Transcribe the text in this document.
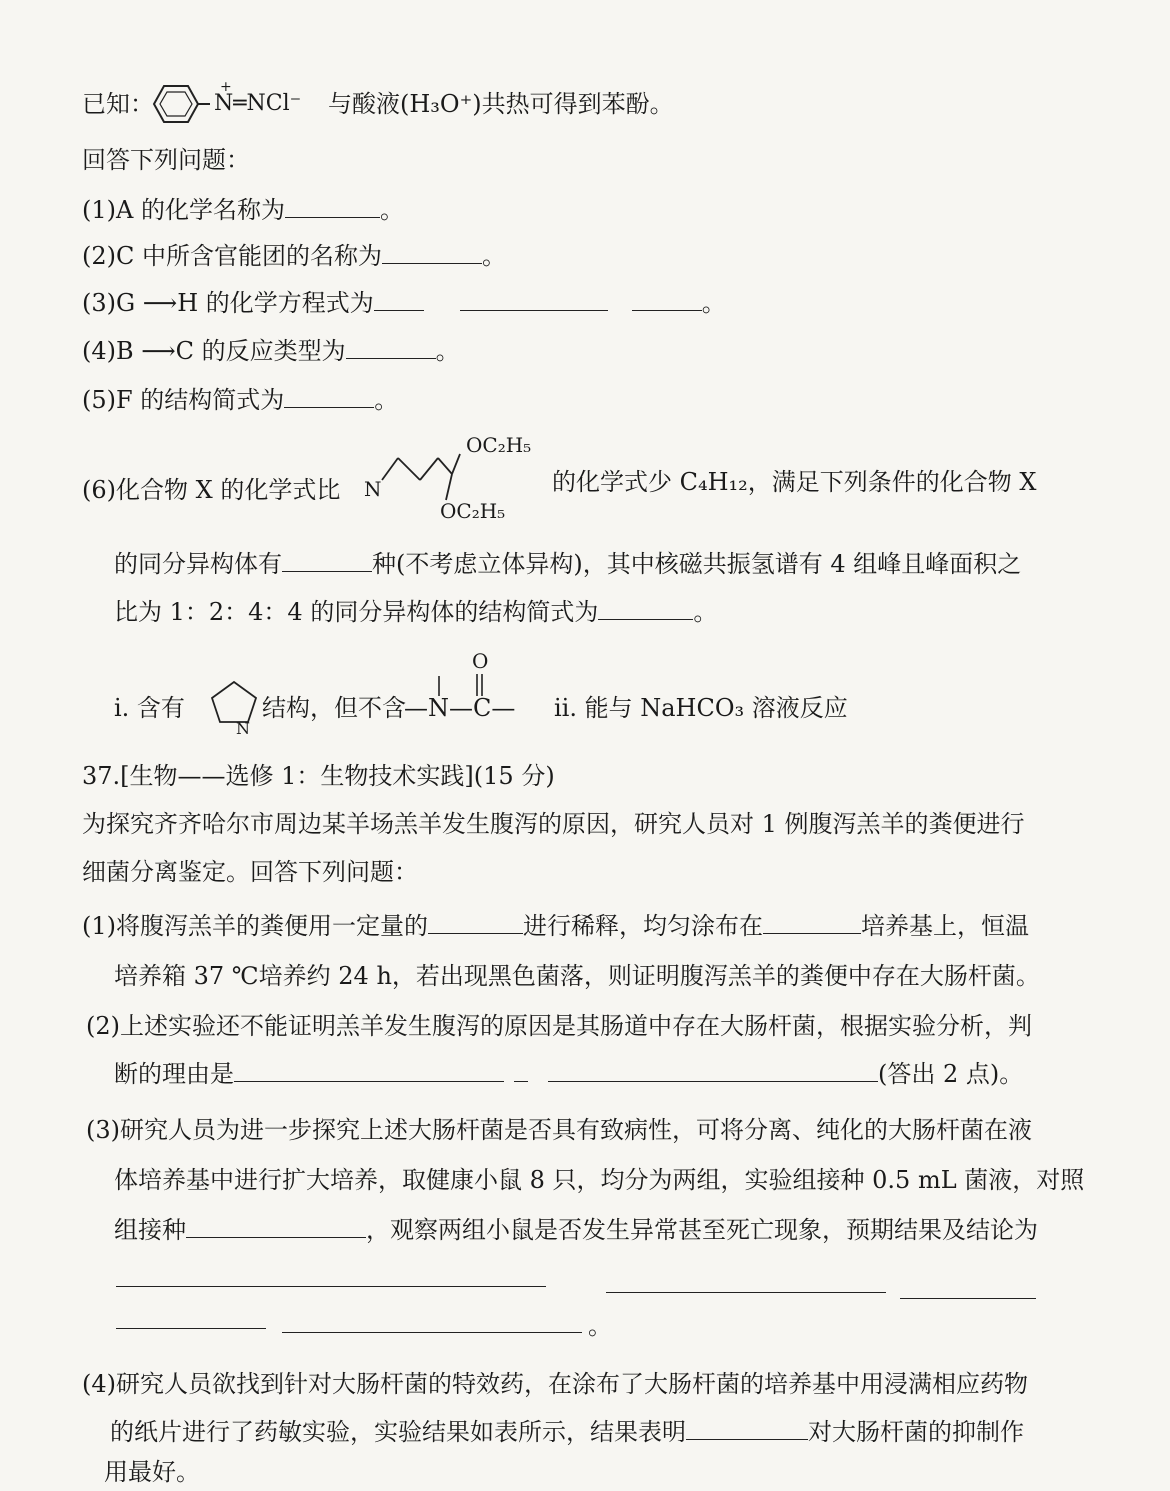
已知：
+
N═NCl⁻ 与酸液(H₃O⁺)共热可得到苯酚。
回答下列问题：
(1)A 的化学名称为	。
(2)C 中所含官能团的名称为	。
(3)G ⟶H 的化学方程式为	。
(4)B ⟶C 的反应类型为	。
(5)F 的结构简式为	。
(6)化合物 X 的化学式比 N
OC₂H₅
OC₂H₅
的化学式少 C₄H₁₂，满足下列条件的化合物 X
的同分异构体有	种(不考虑立体异构)，其中核磁共振氢谱有 4 组峰且峰面积之
比为 1：2：4：4 的同分异构体的结构简式为	。
ⅰ. 含有
N
结构，但不含
O
—N—C— ⅱ. 能与 NaHCO₃ 溶液反应
37.[生物——选修 1：生物技术实践](15 分)
为探究齐齐哈尔市周边某羊场羔羊发生腹泻的原因，研究人员对 1 例腹泻羔羊的粪便进行
细菌分离鉴定。回答下列问题：
(1)将腹泻羔羊的粪便用一定量的	进行稀释，均匀涂布在	培养基上，恒温
培养箱 37 ℃培养约 24 h，若出现黑色菌落，则证明腹泻羔羊的粪便中存在大肠杆菌。
(2)上述实验还不能证明羔羊发生腹泻的原因是其肠道中存在大肠杆菌，根据实验分析，判
断的理由是	(答出 2 点)。
(3)研究人员为进一步探究上述大肠杆菌是否具有致病性，可将分离、纯化的大肠杆菌在液
体培养基中进行扩大培养，取健康小鼠 8 只，均分为两组，实验组接种 0.5 mL 菌液，对照
组接种	，观察两组小鼠是否发生异常甚至死亡现象，预期结果及结论为
。
(4)研究人员欲找到针对大肠杆菌的特效药，在涂布了大肠杆菌的培养基中用浸满相应药物
的纸片进行了药敏实验，实验结果如表所示，结果表明	对大肠杆菌的抑制作
用最好。
